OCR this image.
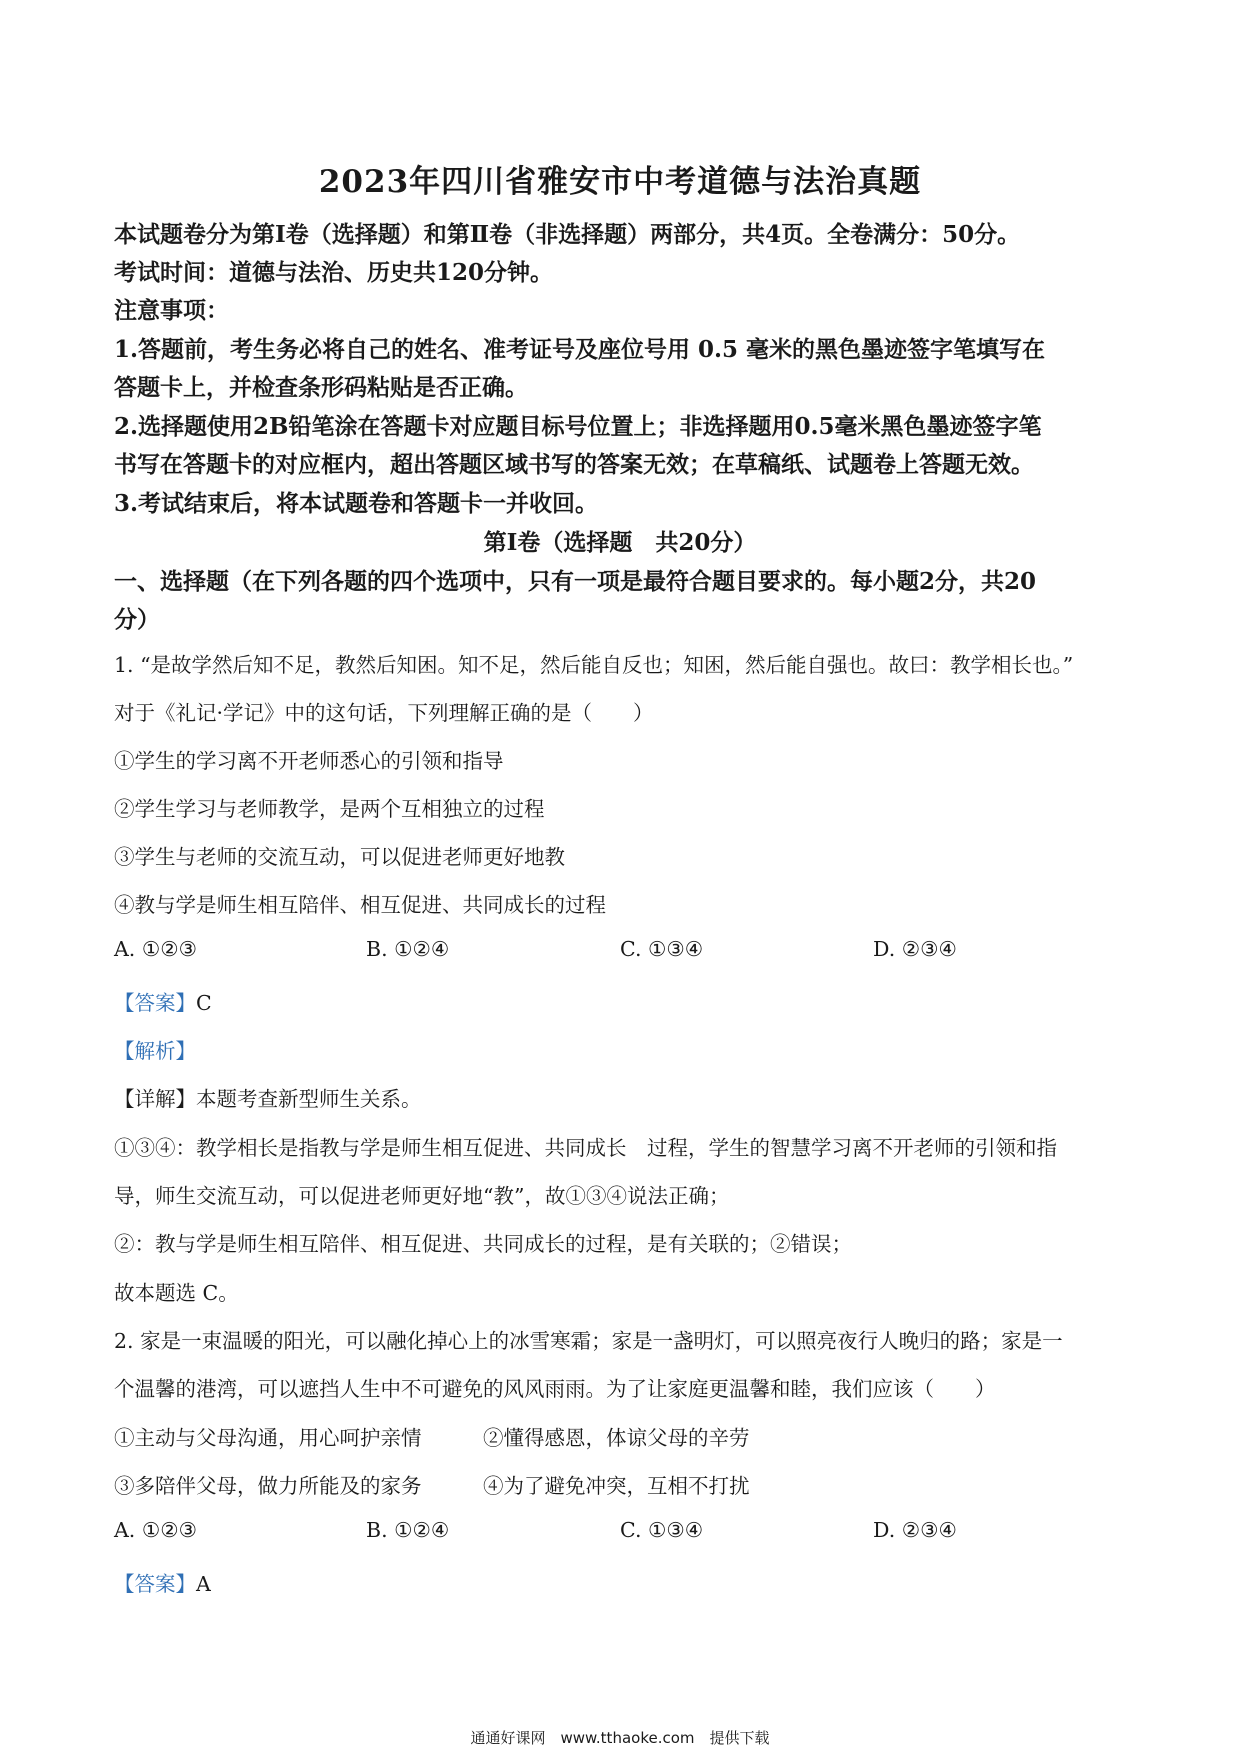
2023年四川省雅安市中考道德与法治真题
本试题卷分为第Ⅰ卷（选择题）和第Ⅱ卷（非选择题）两部分，共4页。全卷满分：50分。
考试时间：道德与法治、历史共120分钟。
注意事项：
1.答题前，考生务必将自己的姓名、准考证号及座位号用 0.5 毫米的黑色墨迹签字笔填写在
答题卡上，并检查条形码粘贴是否正确。
2.选择题使用2B铅笔涂在答题卡对应题目标号位置上；非选择题用0.5毫米黑色墨迹签字笔
书写在答题卡的对应框内，超出答题区域书写的答案无效；在草稿纸、试题卷上答题无效。
3.考试结束后，将本试题卷和答题卡一并收回。
第Ⅰ卷（选择题　共20分）
一、选择题（在下列各题的四个选项中，只有一项是最符合题目要求的。每小题2分，共20
分）
1. “是故学然后知不足，教然后知困。知不足，然后能自反也；知困，然后能自强也。故曰：教学相长也。”
对于《礼记·学记》中的这句话，下列理解正确的是（　　）
①学生的学习离不开老师悉心的引领和指导
②学生学习与老师教学，是两个互相独立的过程
③学生与老师的交流互动，可以促进老师更好地教
④教与学是师生相互陪伴、相互促进、共同成长的过程
A. ①②③	B. ①②④	C. ①③④	D. ②③④
【答案】C
【解析】
【详解】本题考查新型师生关系。
①③④：教学相长是指教与学是师生相互促进、共同成长　过程，学生的智慧学习离不开老师的引领和指
导，师生交流互动，可以促进老师更好地“教”，故①③④说法正确；
②：教与学是师生相互陪伴、相互促进、共同成长的过程，是有关联的；②错误；
故本题选 C。
2. 家是一束温暖的阳光，可以融化掉心上的冰雪寒霜；家是一盏明灯，可以照亮夜行人晚归的路；家是一
个温馨的港湾，可以遮挡人生中不可避免的风风雨雨。为了让家庭更温馨和睦，我们应该（　　）
①主动与父母沟通，用心呵护亲情	②懂得感恩，体谅父母的辛劳
③多陪伴父母，做力所能及的家务	④为了避免冲突，互相不打扰
A. ①②③	B. ①②④	C. ①③④	D. ②③④
【答案】A
通通好课网　www.tthaoke.com　提供下载
